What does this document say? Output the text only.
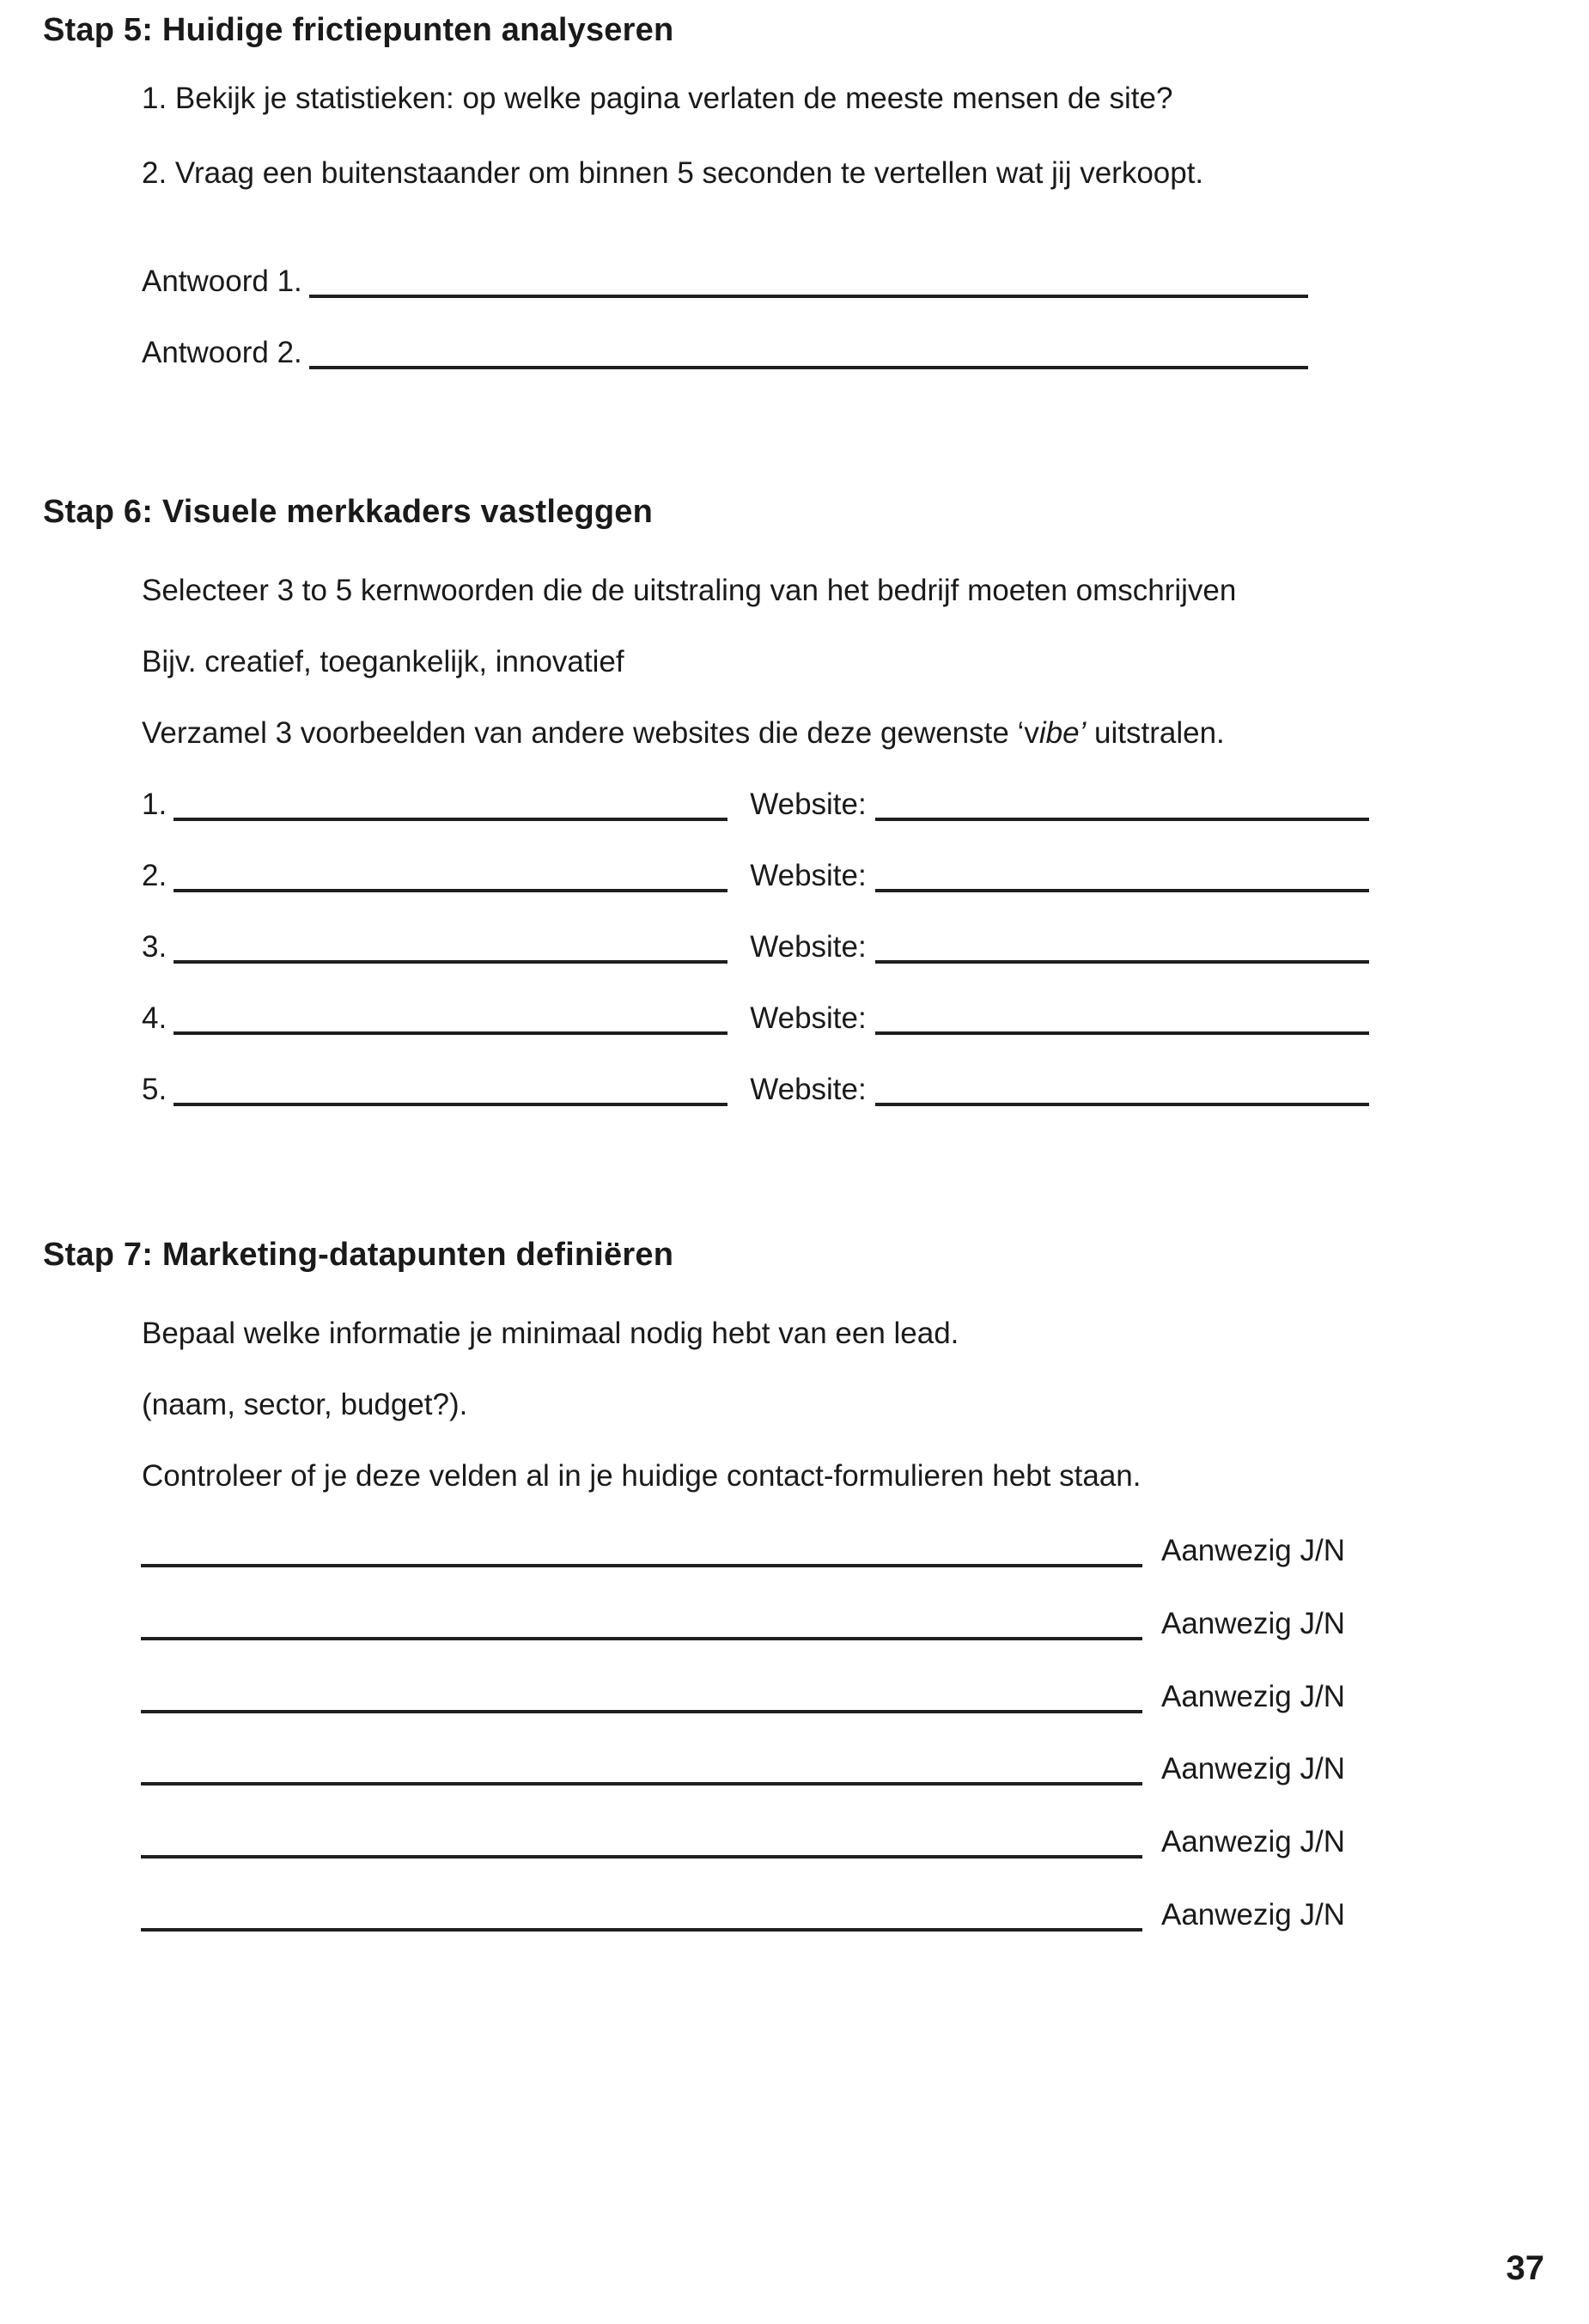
Stap 5: Huidige frictiepunten analyseren
1. Bekijk je statistieken: op welke pagina verlaten de meeste mensen de site?
2. Vraag een buitenstaander om binnen 5 seconden te vertellen wat jij verkoopt.
Antwoord 1.
Antwoord 2.
Stap 6: Visuele merkkaders vastleggen
Selecteer 3 to 5 kernwoorden die de uitstraling van het bedrijf moeten omschrijven
Bijv. creatief, toegankelijk, innovatief
Verzamel 3 voorbeelden van andere websites die deze gewenste ‘vibe’ uitstralen.
1.	Website:
2.	Website:
3.	Website:
4.	Website:
5.	Website:
Stap 7: Marketing-datapunten definiëren
Bepaal welke informatie je minimaal nodig hebt van een lead.
(naam, sector, budget?).
Controleer of je deze velden al in je huidige contact-formulieren hebt staan.
Aanwezig J/N
Aanwezig J/N
Aanwezig J/N
Aanwezig J/N
Aanwezig J/N
Aanwezig J/N
37
